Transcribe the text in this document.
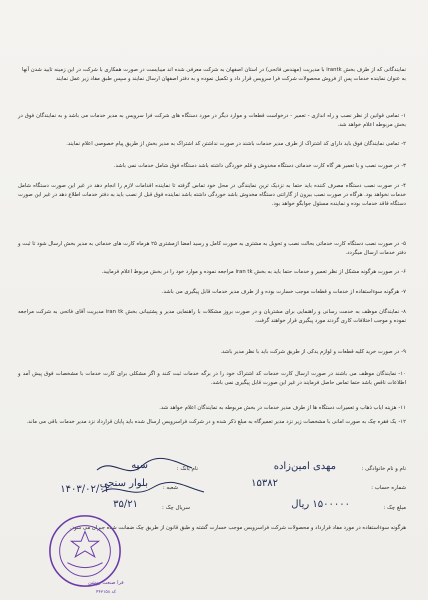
نمایندگانی که از طرف بخش irantk با مدیریت (مهندس فاتحی) در استان اصفهان به شرکت معرفی شده اند میبایست در صورت همکاری با شرکت در این زمینه تایید شدن آنها به عنوان نماینده خدمات پس از فروش محصولات شرکت فرا سرویس قرار داد و تکمیل نموده و به دفتر اصفهان ارسال نمایند و سپس طبق مفاد زیر عمل نمایند
۱-تمامی قوانین از نظر نصب و راه اندازی - تعمیر - درخواست قطعات و موارد دیگر در مورد دستگاه های شرکت فرا سرویس به مدیر خدمات می باشد و به نمایندگان فوق در بخش مربوطه اعلام خواهد شد.
۲-تمامی نمایندگان فوق باید دارای کد اشتراک از طرف مدیر خدمات باشند در صورت نداشتن کد اشتراک به مدیر بخش از طریق پیام خصوصی اعلام نمایند.
۳-در صورت نصب و یا تعمیر هر گاه کارت خدماتی دستگاه مخدوش و قلم خوردگی داشته باشد دستگاه فوق شامل خدمات نمی باشد.
۴-در صورت نصب دستگاه مصرف کننده باید حتما به نزدیک ترین نمایندگی در محل خود تماس گرفته تا نماینده اقدامات لازم را انجام دهد در غیر این صورت دستگاه شامل خدمات نخواهد بود. هرگاه در صورت نصب بیرون از گارانتی دستگاه مخدوش باشد خوردگی داشته باشد نماینده فوق قبل از نصب باید به دفتر خدمات اطلاع دهد در غیر این صورت دستگاه فاقد خدمات بوده و نماینده مسئول جوابگو خواهد بود.
۵-در صورت نصب دستگاه کارت خدماتی بحالت نصب و تحویل به مشتری به صورت کامل و رسید امضا ازمشتری ۲۵ هرماه کارت های خدماتی به مدیر بخش ارسال شود تا ثبت و دفتر خدمات ارسال میگردد.
۶-در صورت هرگونه مشکل از نظر تعمیر و خدمات حتما باید به بخش iran tk مراجعه نموده و موارد خود را در بخش مربوط اعلام فرمایید.
۷-هرگونه سوءاستفاده از خدمات و قطعات موجب خسارت بوده و از طرف مدیر خدمات قابل پیگیری می باشد.
۸-نمایندگان موظف به خدمت رسانی و راهنمایی برای مشتریان و در صورت بروز مشکلات با راهنمایی مدیر و پشتیبانی بخش iran tk مدیریت آقای فاتحی به شرکت مراجعه نموده و موجب اختلافات کاری گردند مورد پیگیری قرار خواهند گرفت.
۹-در صورت خرید کلیه قطعات و لوازم یدکی از طریق شرکت باید با نظر مدیر باشد.
۱۰-نمایندگان موظف می باشند در صورت ارسال کارت خدمات کد اشتراک خود را در برگه خدمات ثبت کنند و اگر مشکلی برای کارت خدمات با مشخصات فوق پیش آمد و اطلاعات ناقص باشد حتما تماس حاصل فرمایند در غیر این صورت قابل پیگیری نمی باشد.
۱۱-هزینه ایاب ذهاب و تعمیرات دستگاه ها از طرف مدیر خدمات در بخش مربوطه به نمایندگان اعلام خواهد شد.
۱۲-یک فقره چک به صورت امانی با مشخصات زیر نزد مدیر تعمیرگاه به مبلغ ذکر شده و در شرکت فراسرویس ارسال شده باید پایان قرارداد نزد مدیر خدمات باقی می ماند.
نام و نام خانوادگی :
مهدی امین‌زاده
شماره حساب :
۱۵۳۸۲
نام بانک :
سپه
شعبه :
بلوار سنجی
مبلغ چک :
۱۵۰۰۰۰۰ ریال
سریال چک :
۳۵/۲۱
۱۴۰۳/۰۲/۰۲
هرگونه سوءاستفاده در مورد مفاد قرارداد و محصولات شرکت فراسرویس موجب خسارت گشته و طبق قانون از طریق چک ضمانت شده جبران می شود.
فرا صنعت روشن
کد ۴۴۳۱۵۸
